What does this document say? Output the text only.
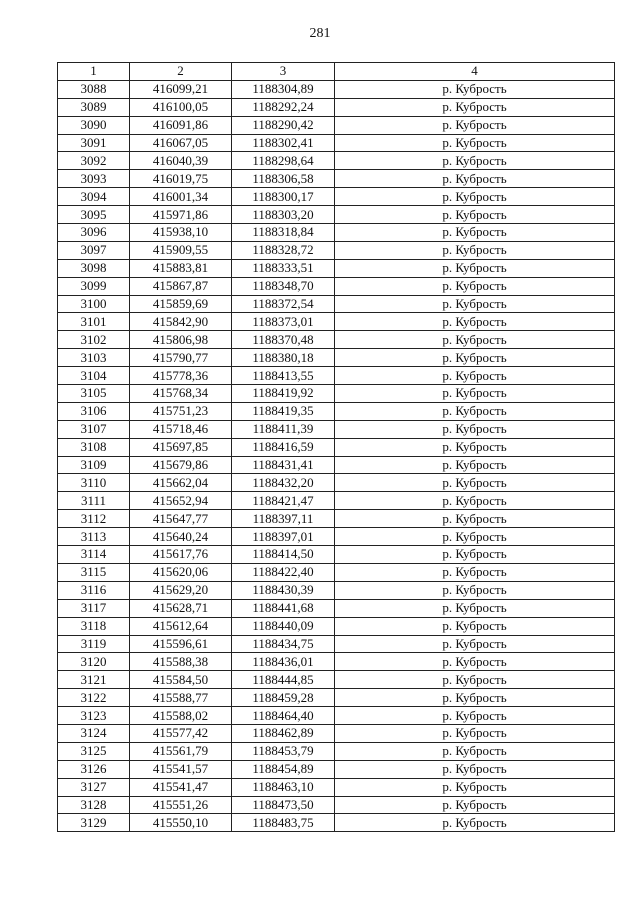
281
1	2	3	4
3088	416099,21	1188304,89	р. Кубрость
3089	416100,05	1188292,24	р. Кубрость
3090	416091,86	1188290,42	р. Кубрость
3091	416067,05	1188302,41	р. Кубрость
3092	416040,39	1188298,64	р. Кубрость
3093	416019,75	1188306,58	р. Кубрость
3094	416001,34	1188300,17	р. Кубрость
3095	415971,86	1188303,20	р. Кубрость
3096	415938,10	1188318,84	р. Кубрость
3097	415909,55	1188328,72	р. Кубрость
3098	415883,81	1188333,51	р. Кубрость
3099	415867,87	1188348,70	р. Кубрость
3100	415859,69	1188372,54	р. Кубрость
3101	415842,90	1188373,01	р. Кубрость
3102	415806,98	1188370,48	р. Кубрость
3103	415790,77	1188380,18	р. Кубрость
3104	415778,36	1188413,55	р. Кубрость
3105	415768,34	1188419,92	р. Кубрость
3106	415751,23	1188419,35	р. Кубрость
3107	415718,46	1188411,39	р. Кубрость
3108	415697,85	1188416,59	р. Кубрость
3109	415679,86	1188431,41	р. Кубрость
3110	415662,04	1188432,20	р. Кубрость
3111	415652,94	1188421,47	р. Кубрость
3112	415647,77	1188397,11	р. Кубрость
3113	415640,24	1188397,01	р. Кубрость
3114	415617,76	1188414,50	р. Кубрость
3115	415620,06	1188422,40	р. Кубрость
3116	415629,20	1188430,39	р. Кубрость
3117	415628,71	1188441,68	р. Кубрость
3118	415612,64	1188440,09	р. Кубрость
3119	415596,61	1188434,75	р. Кубрость
3120	415588,38	1188436,01	р. Кубрость
3121	415584,50	1188444,85	р. Кубрость
3122	415588,77	1188459,28	р. Кубрость
3123	415588,02	1188464,40	р. Кубрость
3124	415577,42	1188462,89	р. Кубрость
3125	415561,79	1188453,79	р. Кубрость
3126	415541,57	1188454,89	р. Кубрость
3127	415541,47	1188463,10	р. Кубрость
3128	415551,26	1188473,50	р. Кубрость
3129	415550,10	1188483,75	р. Кубрость
